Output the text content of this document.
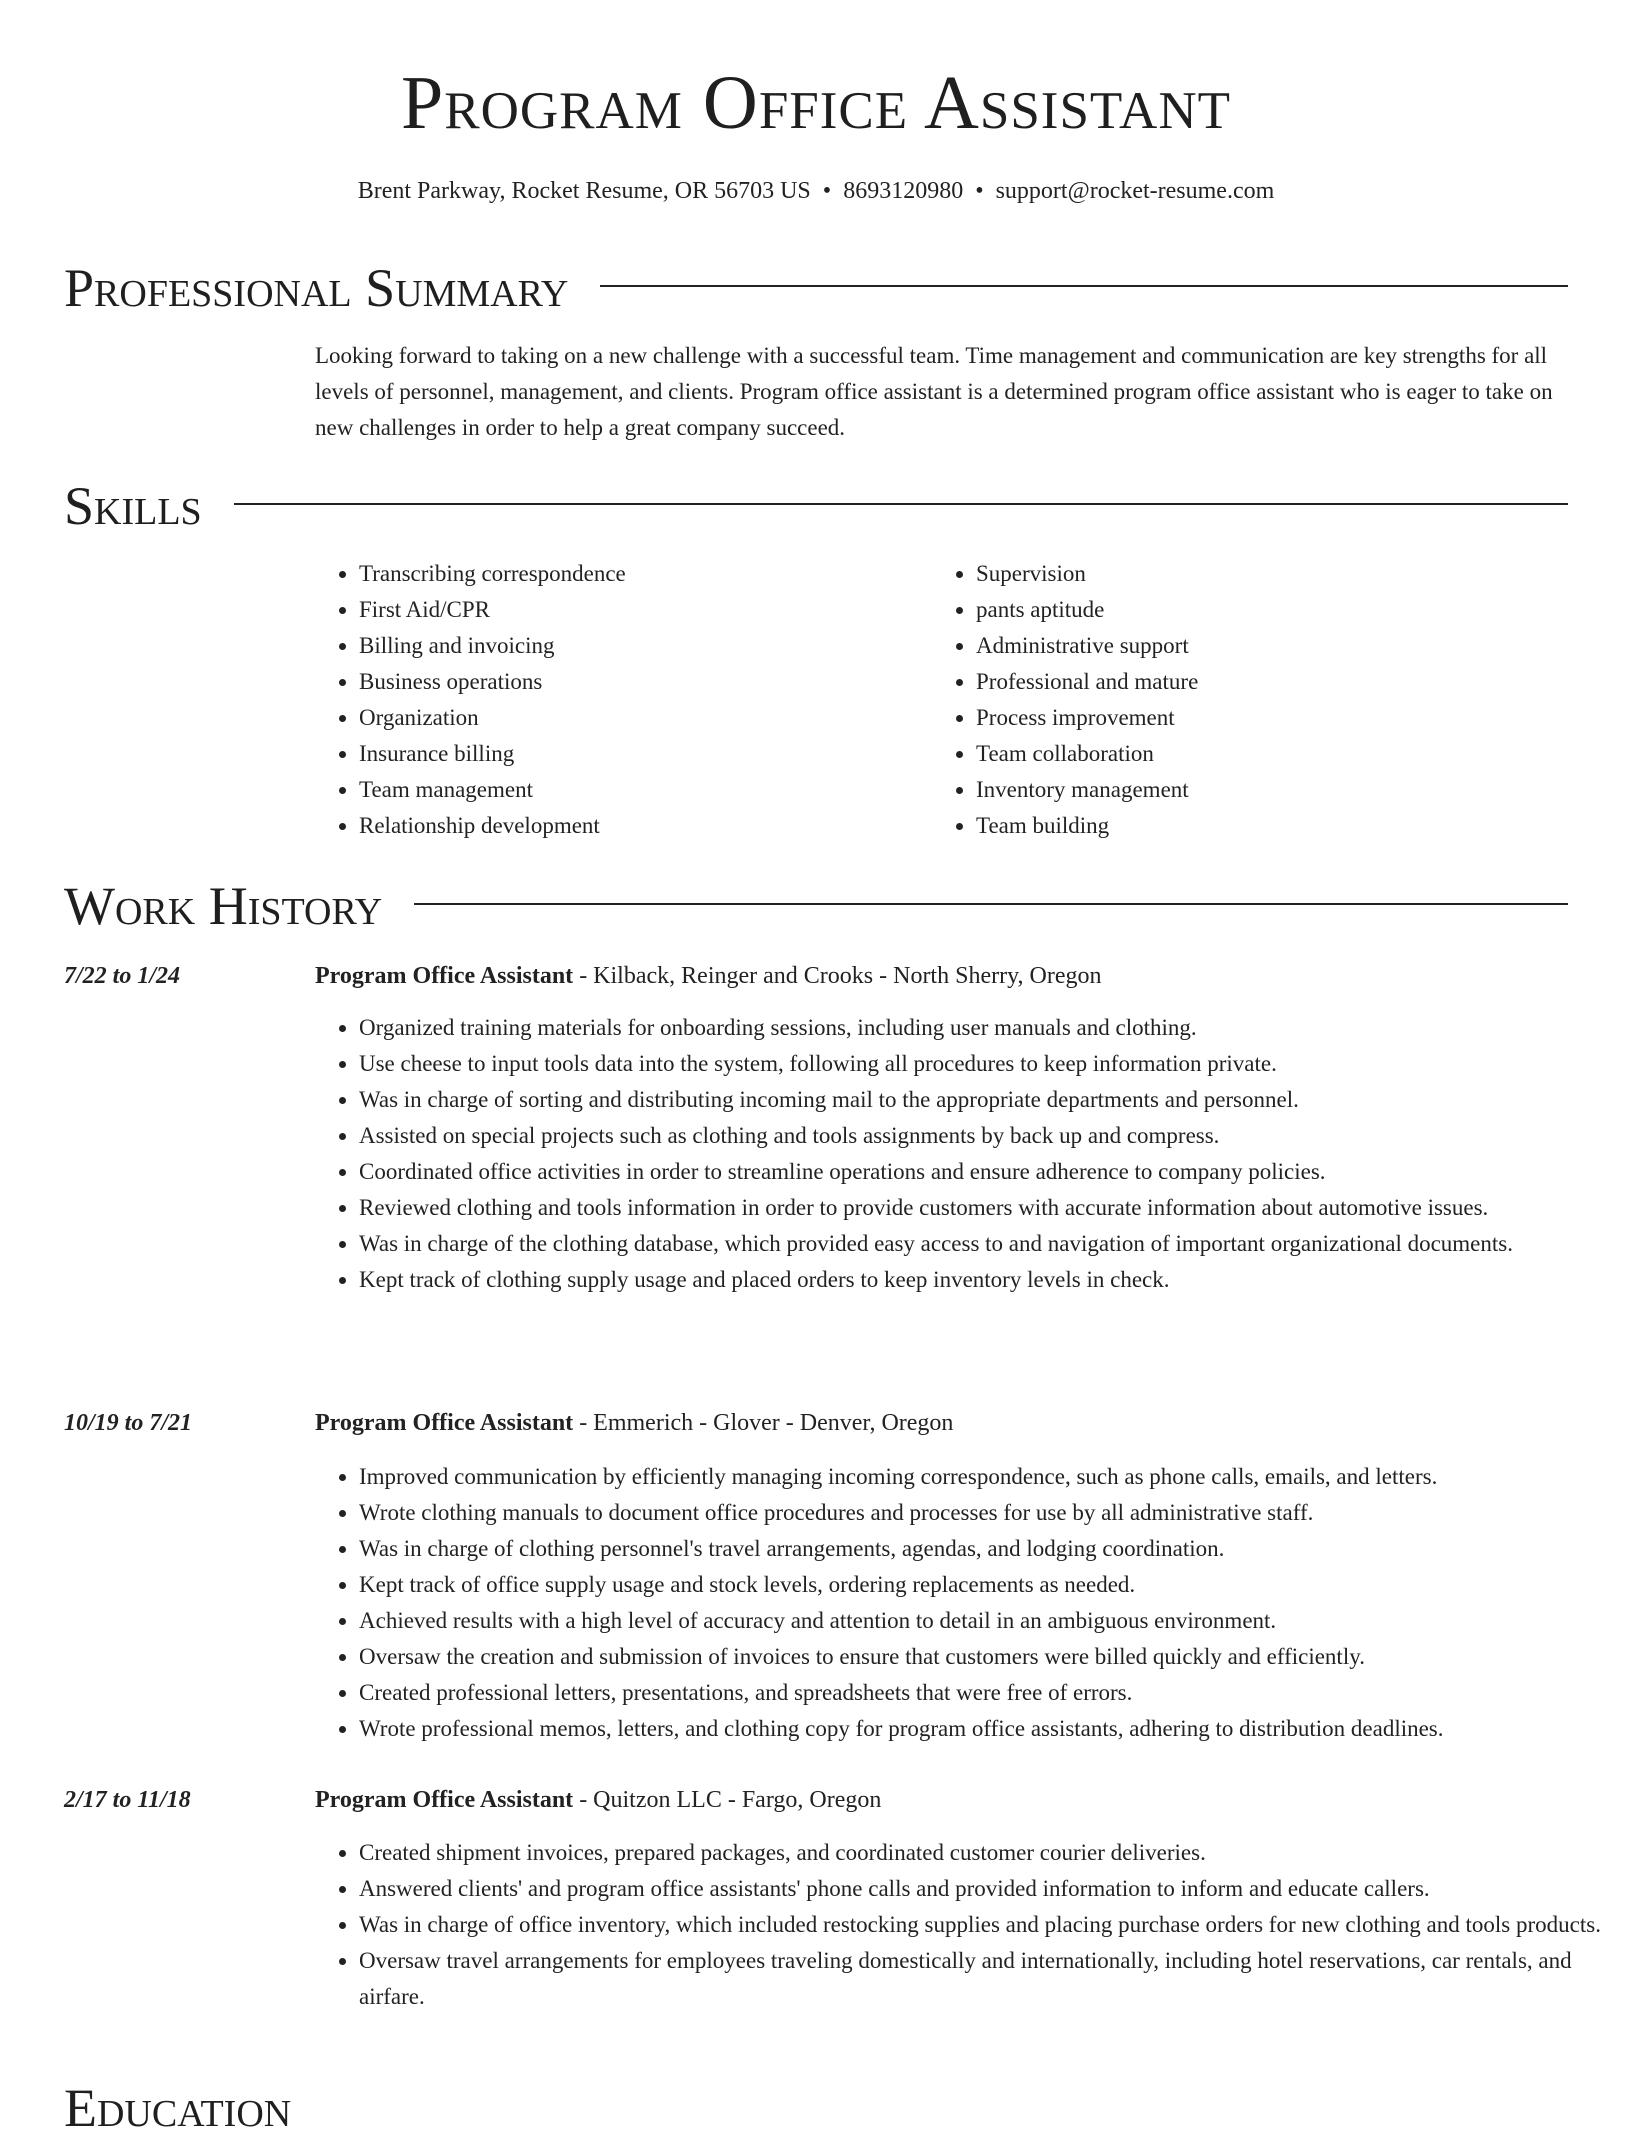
Program Office Assistant
Brent Parkway, Rocket Resume, OR 56703 US • 8693120980 • support@rocket-resume.com
Professional Summary

Looking forward to taking on a new challenge with a successful team. Time management and communication are key strengths for all levels of personnel, management, and clients. Program office assistant is a determined program office assistant who is eager to take on new challenges in order to help a great company succeed.

Skills
• Transcribing correspondence
• First Aid/CPR
• Billing and invoicing
• Business operations
• Organization
• Insurance billing
• Team management
• Relationship development
• Supervision
• pants aptitude
• Administrative support
• Professional and mature
• Process improvement
• Team collaboration
• Inventory management
• Team building
Work History
7/22 to 1/24	Program Office Assistant - Kilback, Reinger and Crooks - North Sherry, Oregon
• Organized training materials for onboarding sessions, including user manuals and clothing.
• Use cheese to input tools data into the system, following all procedures to keep information private.
• Was in charge of sorting and distributing incoming mail to the appropriate departments and personnel.
• Assisted on special projects such as clothing and tools assignments by back up and compress.
• Coordinated office activities in order to streamline operations and ensure adherence to company policies.
• Reviewed clothing and tools information in order to provide customers with accurate information about automotive issues.
• Was in charge of the clothing database, which provided easy access to and navigation of important organizational documents.
• Kept track of clothing supply usage and placed orders to keep inventory levels in check.
10/19 to 7/21	Program Office Assistant - Emmerich - Glover - Denver, Oregon
• Improved communication by efficiently managing incoming correspondence, such as phone calls, emails, and letters.
• Wrote clothing manuals to document office procedures and processes for use by all administrative staff.
• Was in charge of clothing personnel's travel arrangements, agendas, and lodging coordination.
• Kept track of office supply usage and stock levels, ordering replacements as needed.
• Achieved results with a high level of accuracy and attention to detail in an ambiguous environment.
• Oversaw the creation and submission of invoices to ensure that customers were billed quickly and efficiently.
• Created professional letters, presentations, and spreadsheets that were free of errors.
• Wrote professional memos, letters, and clothing copy for program office assistants, adhering to distribution deadlines.
2/17 to 11/18	Program Office Assistant - Quitzon LLC - Fargo, Oregon
• Created shipment invoices, prepared packages, and coordinated customer courier deliveries.
• Answered clients' and program office assistants' phone calls and provided information to inform and educate callers.
• Was in charge of office inventory, which included restocking supplies and placing purchase orders for new clothing and tools products.
• Oversaw travel arrangements for employees traveling domestically and internationally, including hotel reservations, car rentals, and airfare.
Education
